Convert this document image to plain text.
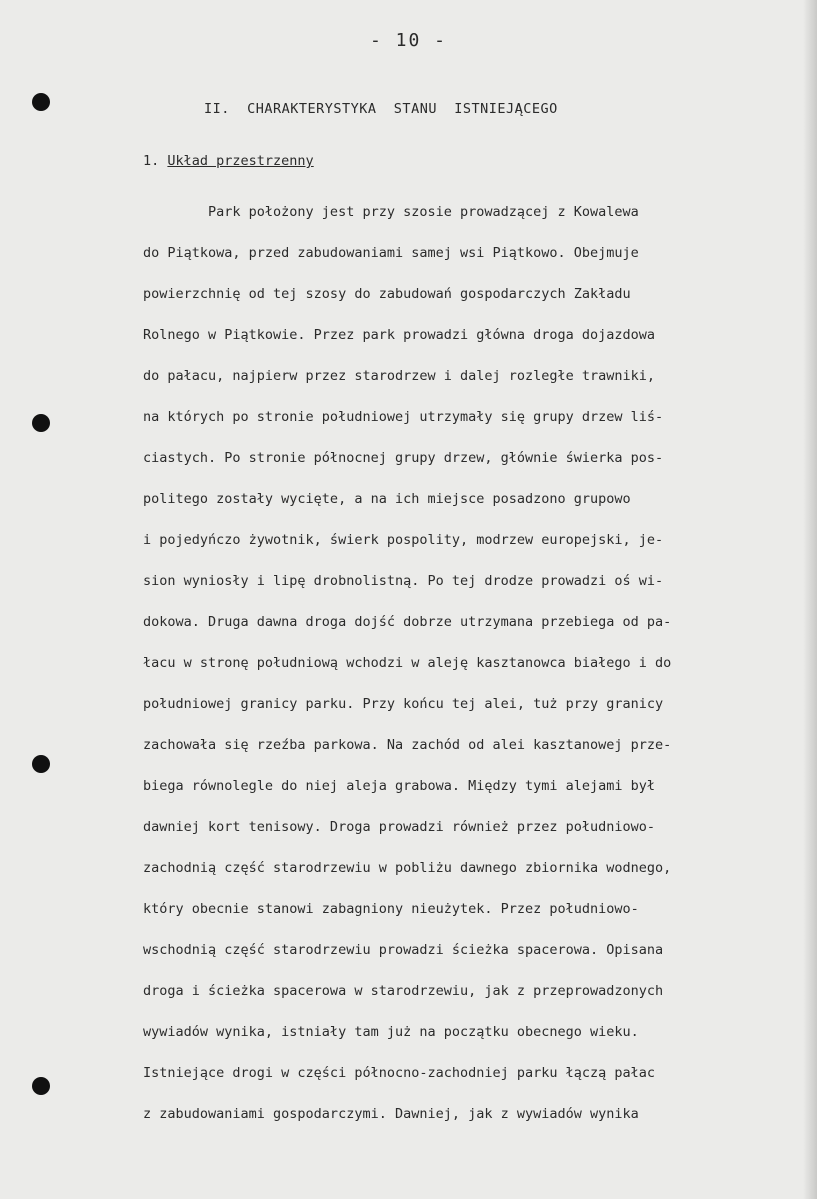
- 10 -
II.  CHARAKTERYSTYKA  STANU  ISTNIEJĄCEGO
1. Układ przestrzenny
Park położony jest przy szosie prowadzącej z Kowalewa
do Piątkowa, przed zabudowaniami samej wsi Piątkowo. Obejmuje
powierzchnię od tej szosy do zabudowań gospodarczych Zakładu
Rolnego w Piątkowie. Przez park prowadzi główna droga dojazdowa
do pałacu, najpierw przez starodrzew i dalej rozległe trawniki,
na których po stronie południowej utrzymały się grupy drzew liś-
ciastych. Po stronie północnej grupy drzew, głównie świerka pos-
politego zostały wycięte, a na ich miejsce posadzono grupowo
i pojedyńczo żywotnik, świerk pospolity, modrzew europejski, je-
sion wyniosły i lipę drobnolistną. Po tej drodze prowadzi oś wi-
dokowa. Druga dawna droga dojść dobrze utrzymana przebiega od pa-
łacu w stronę południową wchodzi w aleję kasztanowca białego i do
południowej granicy parku. Przy końcu tej alei, tuż przy granicy
zachowała się rzeźba parkowa. Na zachód od alei kasztanowej prze-
biega równolegle do niej aleja grabowa. Między tymi alejami był
dawniej kort tenisowy. Droga prowadzi również przez południowo-
zachodnią część starodrzewiu w pobliżu dawnego zbiornika wodnego,
który obecnie stanowi zabagniony nieużytek. Przez południowo-
wschodnią część starodrzewiu prowadzi ścieżka spacerowa. Opisana
droga i ścieżka spacerowa w starodrzewiu, jak z przeprowadzonych
wywiadów wynika, istniały tam już na początku obecnego wieku.
Istniejące drogi w części północno-zachodniej parku łączą pałac
z zabudowaniami gospodarczymi. Dawniej, jak z wywiadów wynika
